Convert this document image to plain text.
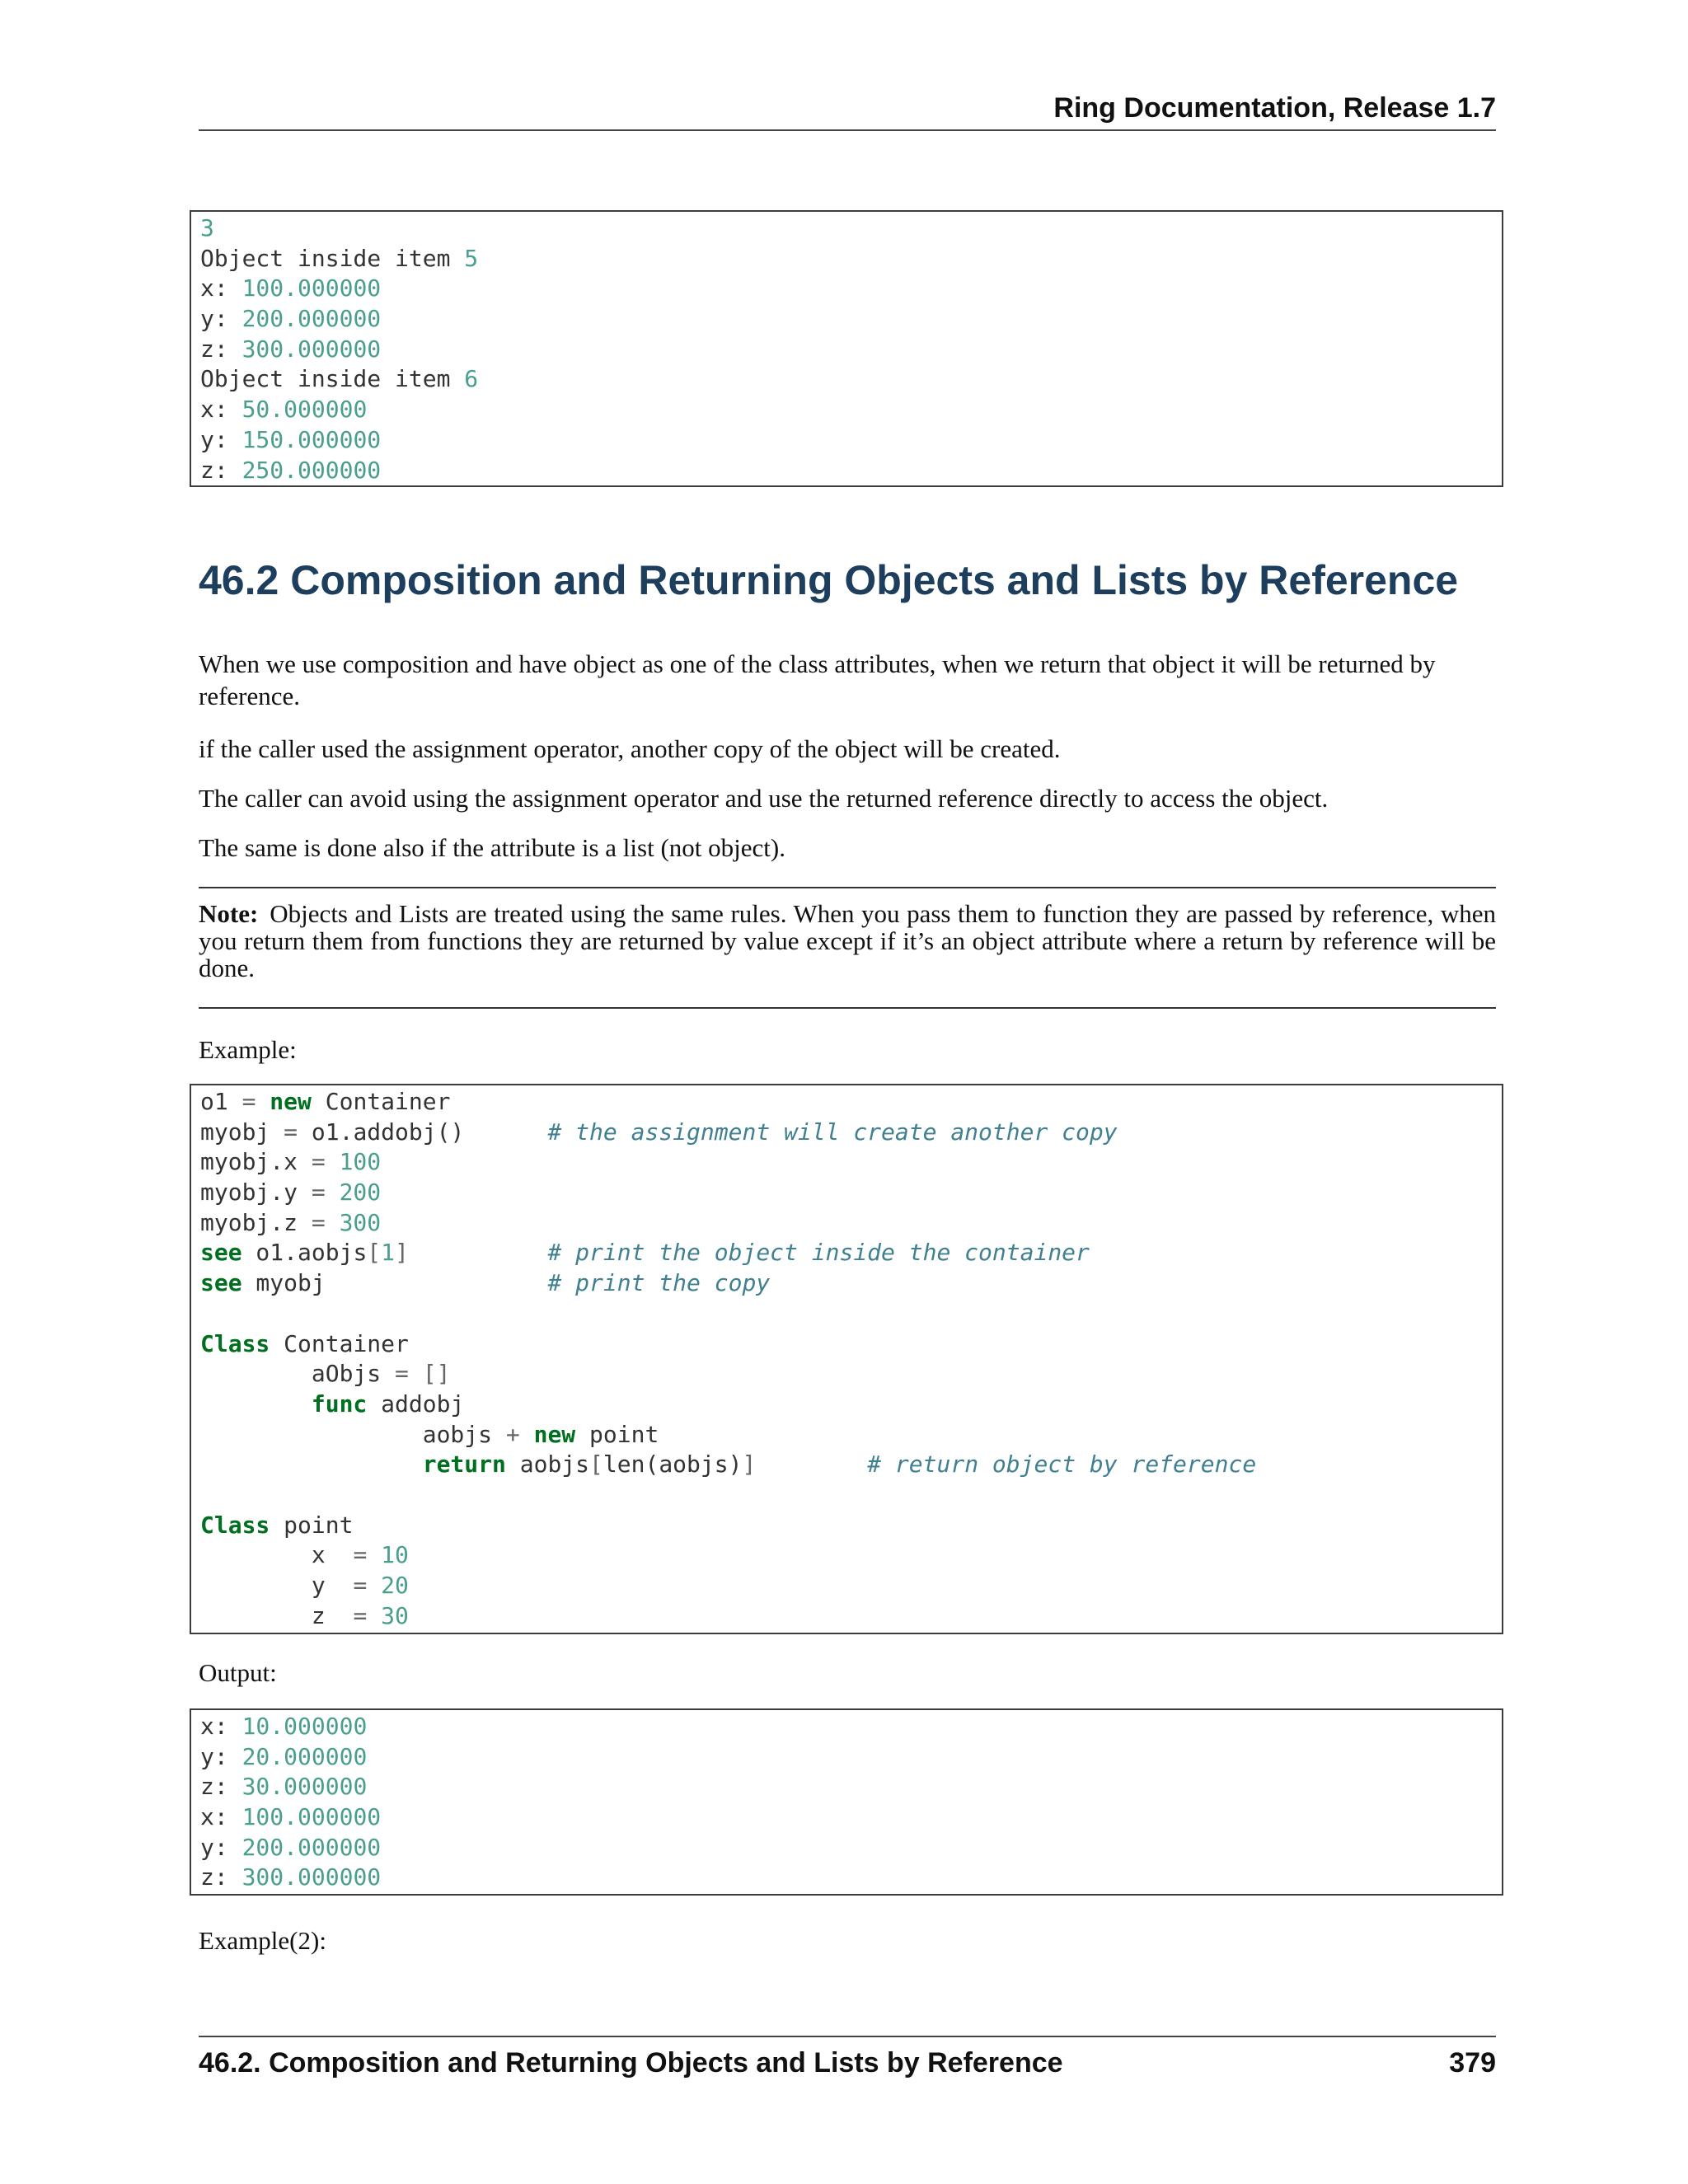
Ring Documentation, Release 1.7
3
Object inside item 5
x: 100.000000
y: 200.000000
z: 300.000000
Object inside item 6
x: 50.000000
y: 150.000000
z: 250.000000
46.2 Composition and Returning Objects and Lists by Reference
When we use composition and have object as one of the class attributes, when we return that object it will be returned by reference.
if the caller used the assignment operator, another copy of the object will be created.
The caller can avoid using the assignment operator and use the returned reference directly to access the object.
The same is done also if the attribute is a list (not object).
Note: Objects and Lists are treated using the same rules. When you pass them to function they are passed by reference, when you return them from functions they are returned by value except if it’s an object attribute where a return by reference will be done.
Example:
o1 = new Container
myobj = o1.addobj()      # the assignment will create another copy
myobj.x = 100
myobj.y = 200
myobj.z = 300
see o1.aobjs[1]	# print the object inside the container
see myobj                # print the copy
Class Container
aObjs = []
func addobj
aobjs + new point
return aobjs[len(aobjs)]	# return object by reference
Class point
x  = 10
y  = 20
z  = 30
Output:
x: 10.000000
y: 20.000000
z: 30.000000
x: 100.000000
y: 200.000000
z: 300.000000
Example(2):
46.2. Composition and Returning Objects and Lists by Reference	379
